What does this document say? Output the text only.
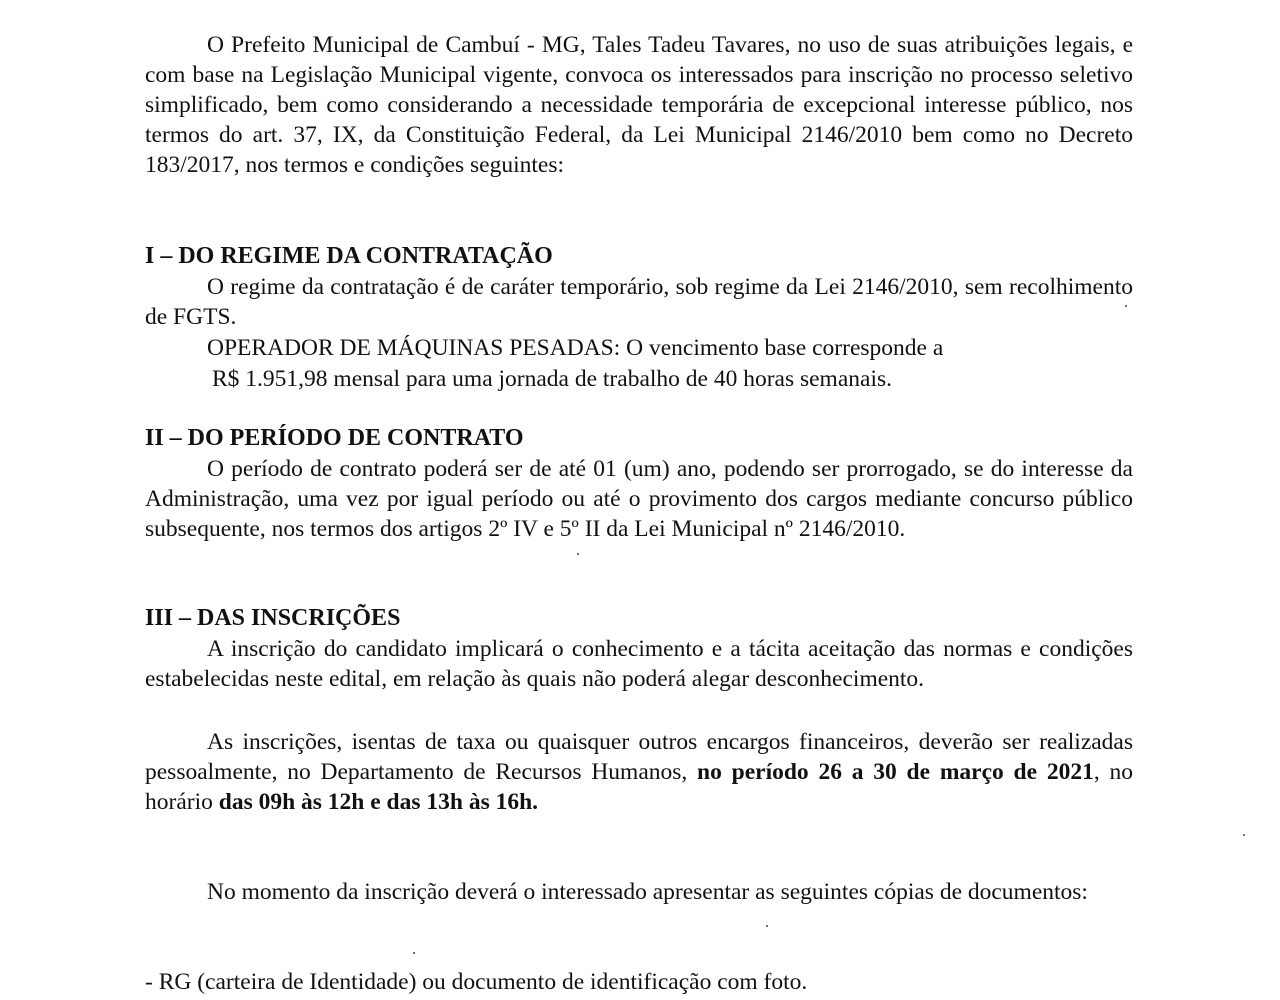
O Prefeito Municipal de Cambuí - MG, Tales Tadeu Tavares, no uso de suas atribuições legais, e com base na Legislação Municipal vigente, convoca os interessados para inscrição no processo seletivo simplificado, bem como considerando a necessidade temporária de excepcional interesse público, nos termos do art. 37, IX, da Constituição Federal, da Lei Municipal 2146/2010 bem como no Decreto 183/2017, nos termos e condições seguintes:

I – DO REGIME DA CONTRATAÇÃO

O regime da contratação é de caráter temporário, sob regime da Lei 2146/2010, sem recolhimento de FGTS.

OPERADOR DE MÁQUINAS PESADAS: O vencimento base corresponde a

R$ 1.951,98 mensal para uma jornada de trabalho de 40 horas semanais.

II – DO PERÍODO DE CONTRATO

O período de contrato poderá ser de até 01 (um) ano, podendo ser prorrogado, se do interesse da Administração, uma vez por igual período ou até o provimento dos cargos mediante concurso público subsequente, nos termos dos artigos 2º IV e 5º II da Lei Municipal nº 2146/2010.

III – DAS INSCRIÇÕES

A inscrição do candidato implicará o conhecimento e a tácita aceitação das normas e condições estabelecidas neste edital, em relação às quais não poderá alegar desconhecimento.

As inscrições, isentas de taxa ou quaisquer outros encargos financeiros, deverão ser realizadas pessoalmente, no Departamento de Recursos Humanos, no período 26 a 30 de março de 2021, no horário das 09h às 12h e das 13h às 16h.

No momento da inscrição deverá o interessado apresentar as seguintes cópias de documentos:

- RG (carteira de Identidade) ou documento de identificação com foto.
